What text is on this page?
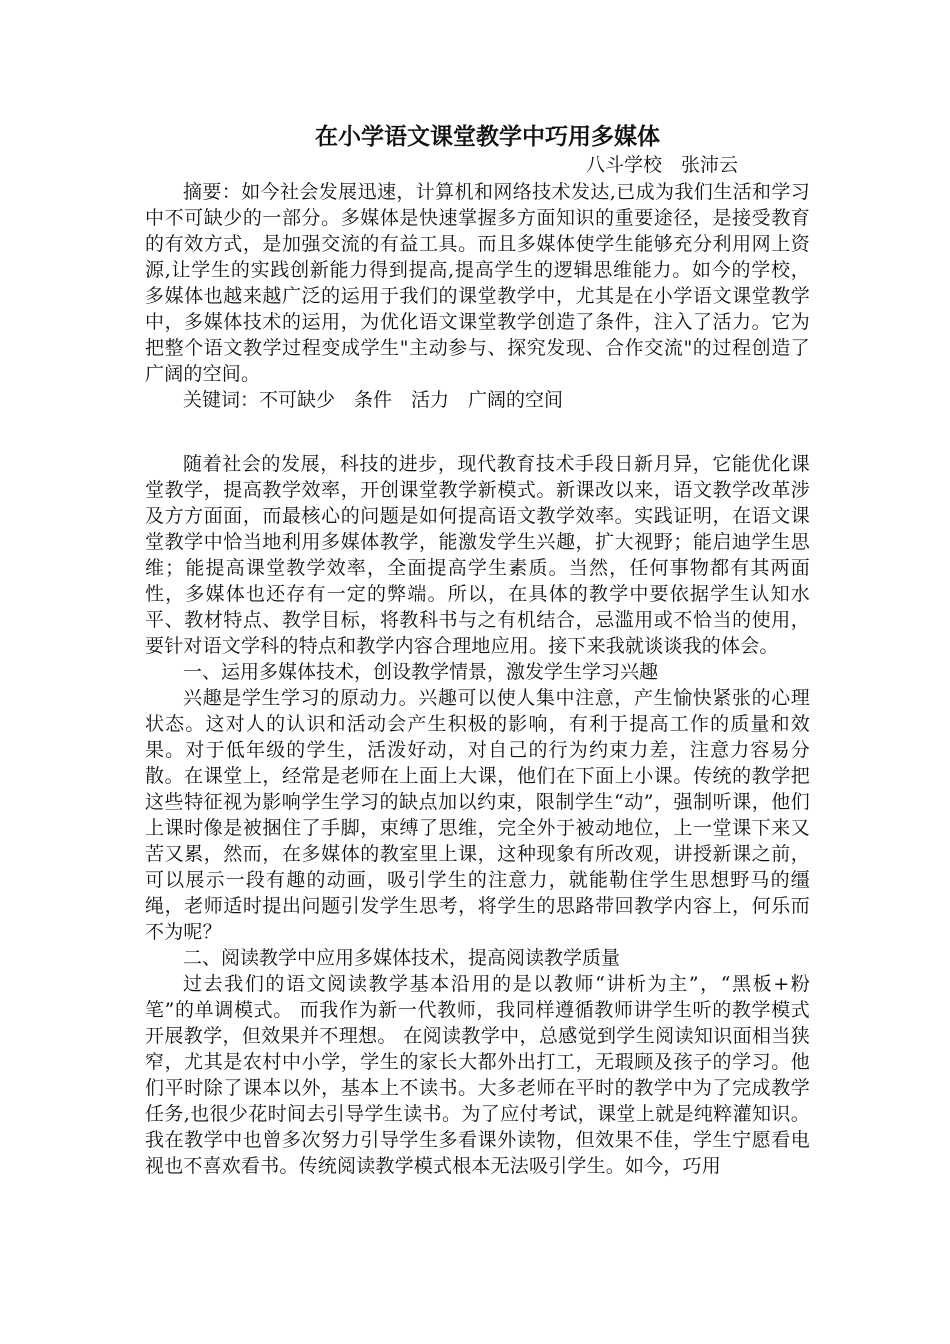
在小学语文课堂教学中巧用多媒体

八斗学校　张沛云

摘要：如今社会发展迅速，计算机和网络技术发达,已成为我们生活和学习中不可缺少的一部分。多媒体是快速掌握多方面知识的重要途径，是接受教育的有效方式，是加强交流的有益工具。而且多媒体使学生能够充分利用网上资源,让学生的实践创新能力得到提高,提高学生的逻辑思维能力。如今的学校，多媒体也越来越广泛的运用于我们的课堂教学中，尤其是在小学语文课堂教学中，多媒体技术的运用，为优化语文课堂教学创造了条件，注入了活力。它为把整个语文教学过程变成学生"主动参与、探究发现、合作交流"的过程创造了广阔的空间。

关键词：不可缺少　条件　活力　广阔的空间

随着社会的发展，科技的进步，现代教育技术手段日新月异，它能优化课堂教学，提高教学效率，开创课堂教学新模式。新课改以来，语文教学改革涉及方方面面，而最核心的问题是如何提高语文教学效率。实践证明，在语文课堂教学中恰当地利用多媒体教学，能激发学生兴趣，扩大视野；能启迪学生思维；能提高课堂教学效率，全面提高学生素质。当然，任何事物都有其两面性，多媒体也还存有一定的弊端。所以，在具体的教学中要依据学生认知水平、教材特点、教学目标，将教科书与之有机结合，忌滥用或不恰当的使用，要针对语文学科的特点和教学内容合理地应用。接下来我就谈谈我的体会。

一、运用多媒体技术，创设教学情景，激发学生学习兴趣

兴趣是学生学习的原动力。兴趣可以使人集中注意，产生愉快紧张的心理状态。这对人的认识和活动会产生积极的影响，有利于提高工作的质量和效果。对于低年级的学生，活泼好动，对自己的行为约束力差，注意力容易分散。在课堂上，经常是老师在上面上大课，他们在下面上小课。传统的教学把这些特征视为影响学生学习的缺点加以约束，限制学生“动”，强制听课，他们上课时像是被捆住了手脚，束缚了思维，完全外于被动地位，上一堂课下来又苦又累，然而，在多媒体的教室里上课，这种现象有所改观，讲授新课之前，可以展示一段有趣的动画，吸引学生的注意力，就能勒住学生思想野马的缰绳，老师适时提出问题引发学生思考，将学生的思路带回教学内容上，何乐而不为呢？

二、阅读教学中应用多媒体技术，提高阅读教学质量

过去我们的语文阅读教学基本沿用的是以教师“讲析为主”，“黑板+粉笔”的单调模式。 而我作为新一代教师，我同样遵循教师讲学生听的教学模式开展教学，但效果并不理想。 在阅读教学中，总感觉到学生阅读知识面相当狭窄，尤其是农村中小学，学生的家长大都外出打工，无瑕顾及孩子的学习。他们平时除了课本以外，基本上不读书。大多老师在平时的教学中为了完成教学任务,也很少花时间去引导学生读书。为了应付考试，课堂上就是纯粹灌知识。我在教学中也曾多次努力引导学生多看课外读物，但效果不佳，学生宁愿看电视也不喜欢看书。传统阅读教学模式根本无法吸引学生。如今，巧用
